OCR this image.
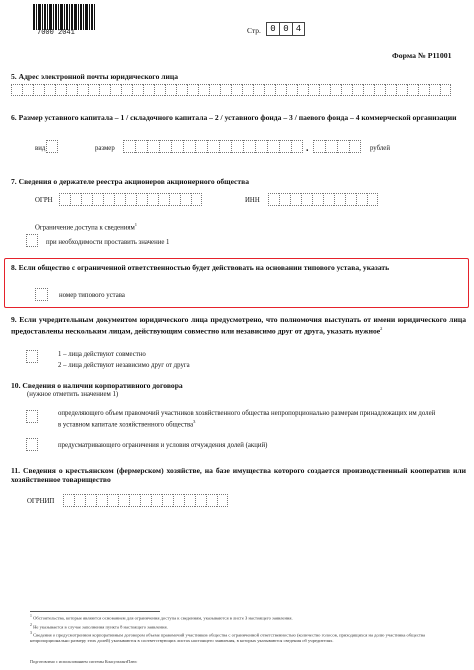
7000 2041	Стр.	0 0 4
Форма № Р11001
5. Адрес электронной почты юридического лица
6. Размер уставного капитала – 1 / складочного капитала – 2 / уставного фонда – 3 / паевого фонда – 4 коммерческой организации
вид	размер	.	рублей
7. Сведения о держателе реестра акционеров акционерного общества
ОГРН	ИНН
Ограничение доступа к сведениям$^1$
при необходимости проставить значение 1
8. Если общество с ограниченной ответственностью будет действовать на основании типового устава, указать
номер типового устава
9. Если учредительным документом юридического лица предусмотрено, что полномочия выступать от имени юридического лица предоставлены нескольким лицам, действующим совместно или независимо друг от друга, указать нужное$^2$
1 – лица действуют совместно
2 – лица действуют независимо друг от друга
10. Сведения о наличии корпоративного договора
(нужное отметить значением 1)
определяющего объем правомочий участников хозяйственного общества непропорционально размерам принадлежащих им долей в уставном капитале хозяйственного общества$^3$
предусматривающего ограничения и условия отчуждения долей (акций)
11. Сведения о крестьянском (фермерском) хозяйстве, на базе имущества которого создается производственный кооператив или хозяйственное товарищество
ОГРНИП
$^1$ Обстоятельства, которые являются основанием для ограничения доступа к сведениям, указываются в листе З настоящего заявления.
$^2$ Не указывается в случае заполнения пункта 8 настоящего заявления.
$^3$ Сведения о предусмотренном корпоративным договором объеме правомочий участников общества с ограниченной ответственностью (количество голосов, приходящихся на долю участника общества непропорционально размеру этих долей) указываются в соответствующих листах настоящего заявления, в которых указываются сведения об учредителях.
Подготовлено с использованием системы КонсультантПлюс
